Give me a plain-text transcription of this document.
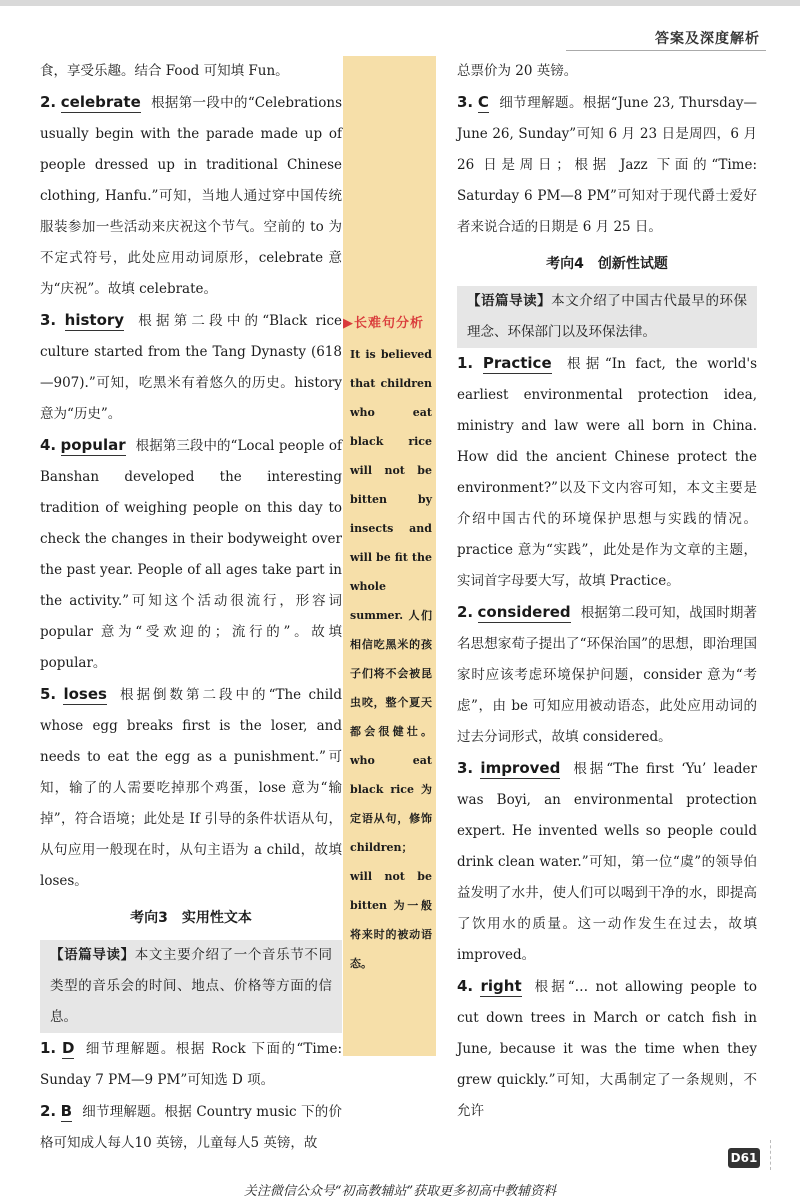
答案及深度解析

食，享受乐趣。结合 Food 可知填 Fun。

2. celebrate 根据第一段中的“Celebrations usually begin with the parade made up of people dressed up in traditional Chinese clothing, Hanfu.”可知，当地人通过穿中国传统服装参加一些活动来庆祝这个节气。空前的 to 为不定式符号，此处应用动词原形，celebrate 意为“庆祝”。故填 celebrate。

3. history 根据第二段中的“Black rice culture started from the Tang Dynasty (618—907).”可知，吃黑米有着悠久的历史。history 意为“历史”。

4. popular 根据第三段中的“Local people of Banshan developed the interesting tradition of weighing people on this day to check the changes in their bodyweight over the past year. People of all ages take part in the activity.”可知这个活动很流行，形容词 popular 意为“受欢迎的；流行的”。故填 popular。

5. loses 根据倒数第二段中的“The child whose egg breaks first is the loser, and needs to eat the egg as a punishment.”可知，输了的人需要吃掉那个鸡蛋，lose 意为“输掉”，符合语境；此处是 If 引导的条件状语从句，从句应用一般现在时，从句主语为 a child，故填 loses。

考向3　实用性文本

【语篇导读】本文主要介绍了一个音乐节不同类型的音乐会的时间、地点、价格等方面的信息。

1. D 细节理解题。根据 Rock 下面的“Time: Sunday 7 PM—9 PM”可知选 D 项。

2. B 细节理解题。根据 Country music 下的价格可知成人每人10 英镑，儿童每人5 英镑，故

▶长难句分析
It is believed that children who eat black rice will not be bitten by insects and will be fit the whole summer. 人们相信吃黑米的孩子们将不会被昆虫咬，整个夏天都会很健壮。who eat black rice 为定语从句，修饰 children；will not be bitten 为一般将来时的被动语态。

总票价为 20 英镑。

3. C 细节理解题。根据“June 23, Thursday—June 26, Sunday”可知 6 月 23 日是周四，6 月 26 日是周日；根据 Jazz 下面的“Time: Saturday 6 PM—8 PM”可知对于现代爵士爱好者来说合适的日期是 6 月 25 日。

考向4　创新性试题

【语篇导读】本文介绍了中国古代最早的环保理念、环保部门以及环保法律。

1. Practice 根据“In fact, the world's earliest environmental protection idea, ministry and law were all born in China. How did the ancient Chinese protect the environment?”以及下文内容可知，本文主要是介绍中国古代的环境保护思想与实践的情况。practice 意为“实践”，此处是作为文章的主题，实词首字母要大写，故填 Practice。

2. considered 根据第二段可知，战国时期著名思想家荀子提出了“环保治国”的思想，即治理国家时应该考虑环境保护问题，consider 意为“考虑”，由 be 可知应用被动语态，此处应用动词的过去分词形式，故填 considered。

3. improved 根据“The first ‘Yu’ leader was Boyi, an environmental protection expert. He invented wells so people could drink clean water.”可知，第一位“虞”的领导伯益发明了水井，使人们可以喝到干净的水，即提高了饮用水的质量。这一动作发生在过去，故填 improved。

4. right 根据“… not allowing people to cut down trees in March or catch fish in June, because it was the time when they grew quickly.”可知，大禹制定了一条规则，不允许

D61
关注微信公众号“初高教辅站”获取更多初高中教辅资料
